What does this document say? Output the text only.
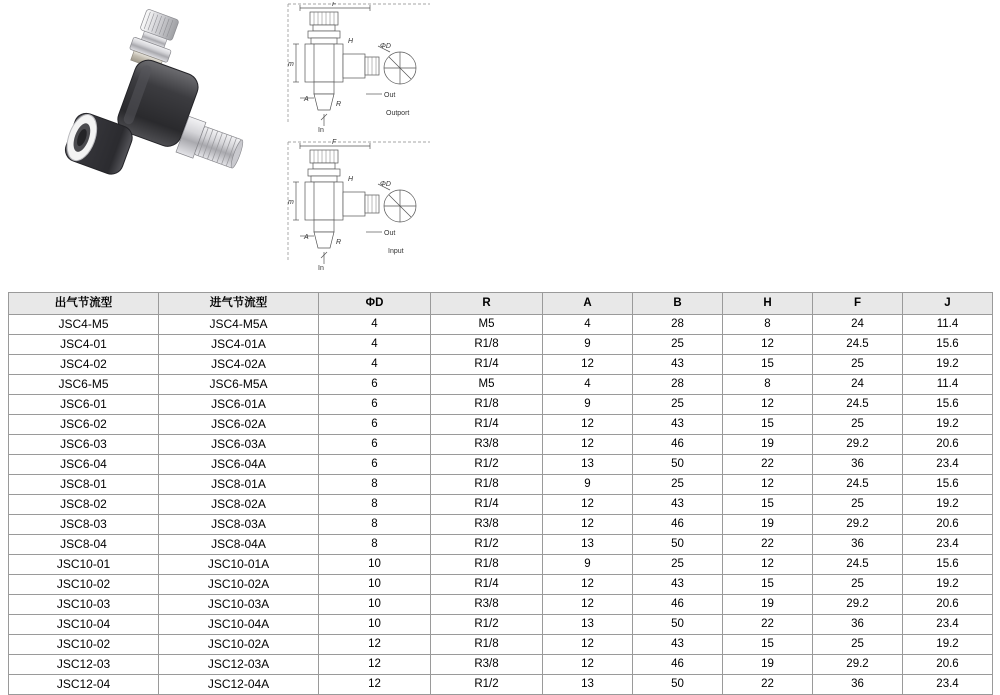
F
H
m
A
R
ΦD
Out
In
Outport
F
H
m
A
R
ΦD
Out
In
Input
出气节流型	进气节流型	ΦD	R	A	B	H	F	J
JSC4-M5	JSC4-M5A	4	M5	4	28	8	24	11.4
JSC4-01	JSC4-01A	4	R1/8	9	25	12	24.5	15.6
JSC4-02	JSC4-02A	4	R1/4	12	43	15	25	19.2
JSC6-M5	JSC6-M5A	6	M5	4	28	8	24	11.4
JSC6-01	JSC6-01A	6	R1/8	9	25	12	24.5	15.6
JSC6-02	JSC6-02A	6	R1/4	12	43	15	25	19.2
JSC6-03	JSC6-03A	6	R3/8	12	46	19	29.2	20.6
JSC6-04	JSC6-04A	6	R1/2	13	50	22	36	23.4
JSC8-01	JSC8-01A	8	R1/8	9	25	12	24.5	15.6
JSC8-02	JSC8-02A	8	R1/4	12	43	15	25	19.2
JSC8-03	JSC8-03A	8	R3/8	12	46	19	29.2	20.6
JSC8-04	JSC8-04A	8	R1/2	13	50	22	36	23.4
JSC10-01	JSC10-01A	10	R1/8	9	25	12	24.5	15.6
JSC10-02	JSC10-02A	10	R1/4	12	43	15	25	19.2
JSC10-03	JSC10-03A	10	R3/8	12	46	19	29.2	20.6
JSC10-04	JSC10-04A	10	R1/2	13	50	22	36	23.4
JSC10-02	JSC10-02A	12	R1/8	12	43	15	25	19.2
JSC12-03	JSC12-03A	12	R3/8	12	46	19	29.2	20.6
JSC12-04	JSC12-04A	12	R1/2	13	50	22	36	23.4
